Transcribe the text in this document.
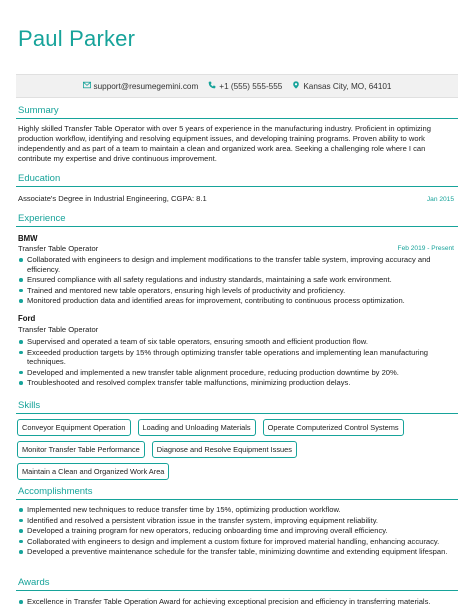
Paul Parker
support@resumegemini.com	+1 (555) 555-555	Kansas City, MO, 64101
Summary
Highly skilled Transfer Table Operator with over 5 years of experience in the manufacturing industry. Proficient in optimizing production workflow, identifying and resolving equipment issues, and developing training programs. Proven ability to work independently and as part of a team to maintain a clean and organized work area. Seeking a challenging role where I can contribute my expertise and drive continuous improvement.
Education
Associate's Degree in Industrial Engineering, CGPA: 8.1	Jan 2015
Experience
BMW
Transfer Table Operator	Feb 2019 - Present
Collaborated with engineers to design and implement modifications to the transfer table system, improving accuracy and efficiency.
Ensured compliance with all safety regulations and industry standards, maintaining a safe work environment.
Trained and mentored new table operators, ensuring high levels of productivity and proficiency.
Monitored production data and identified areas for improvement, contributing to continuous process optimization.
Ford
Transfer Table Operator
Supervised and operated a team of six table operators, ensuring smooth and efficient production flow.
Exceeded production targets by 15% through optimizing transfer table operations and implementing lean manufacturing techniques.
Developed and implemented a new transfer table alignment procedure, reducing production downtime by 20%.
Troubleshooted and resolved complex transfer table malfunctions, minimizing production delays.
Skills
Conveyor Equipment Operation	Loading and Unloading Materials	Operate Computerized Control Systems
Monitor Transfer Table Performance	Diagnose and Resolve Equipment Issues
Maintain a Clean and Organized Work Area
Accomplishments
Implemented new techniques to reduce transfer time by 15%, optimizing production workflow.
Identified and resolved a persistent vibration issue in the transfer system, improving equipment reliability.
Developed a training program for new operators, reducing onboarding time and improving overall efficiency.
Collaborated with engineers to design and implement a custom fixture for improved material handling, enhancing accuracy.
Developed a preventive maintenance schedule for the transfer table, minimizing downtime and extending equipment lifespan.
Awards
Excellence in Transfer Table Operation Award for achieving exceptional precision and efficiency in transferring materials.
